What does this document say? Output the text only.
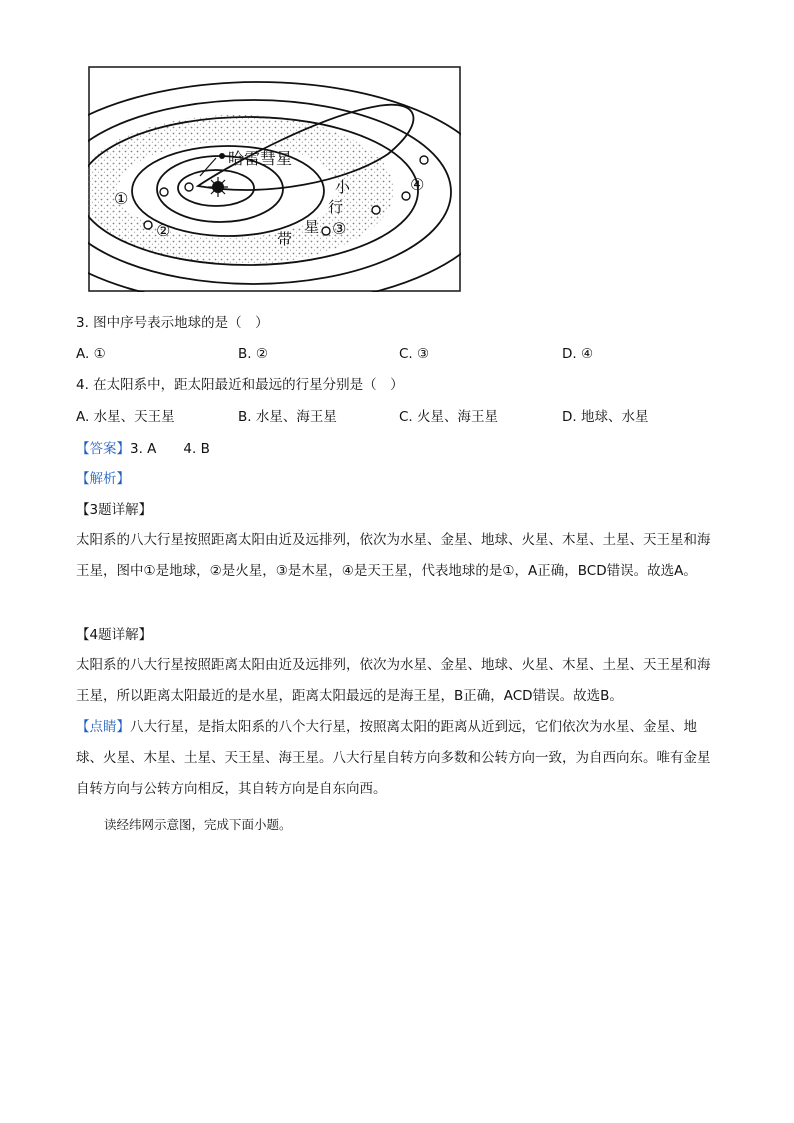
哈雷彗星
小
行
星
带
①
②	③
④
3. 图中序号表示地球的是（　）
A. ①	B. ②	C. ③	D. ④
4. 在太阳系中，距太阳最近和最远的行星分别是（　）
A. 水星、天王星	B. 水星、海王星	C. 火星、海王星	D. 地球、水星
【答案】3. A　　4. B
【解析】
【3题详解】
太阳系的八大行星按照距离太阳由近及远排列，依次为水星、金星、地球、火星、木星、土星、天王星和海王星，图中①是地球，②是火星，③是木星，④是天王星，代表地球的是①，A正确，BCD错误。故选A。
【4题详解】
太阳系的八大行星按照距离太阳由近及远排列，依次为水星、金星、地球、火星、木星、土星、天王星和海王星，所以距离太阳最近的是水星，距离太阳最远的是海王星，B正确，ACD错误。故选B。
【点睛】八大行星，是指太阳系的八个大行星，按照离太阳的距离从近到远，它们依次为水星、金星、地球、火星、木星、土星、天王星、海王星。八大行星自转方向多数和公转方向一致，为自西向东。唯有金星自转方向与公转方向相反，其自转方向是自东向西。
读经纬网示意图，完成下面小题。
